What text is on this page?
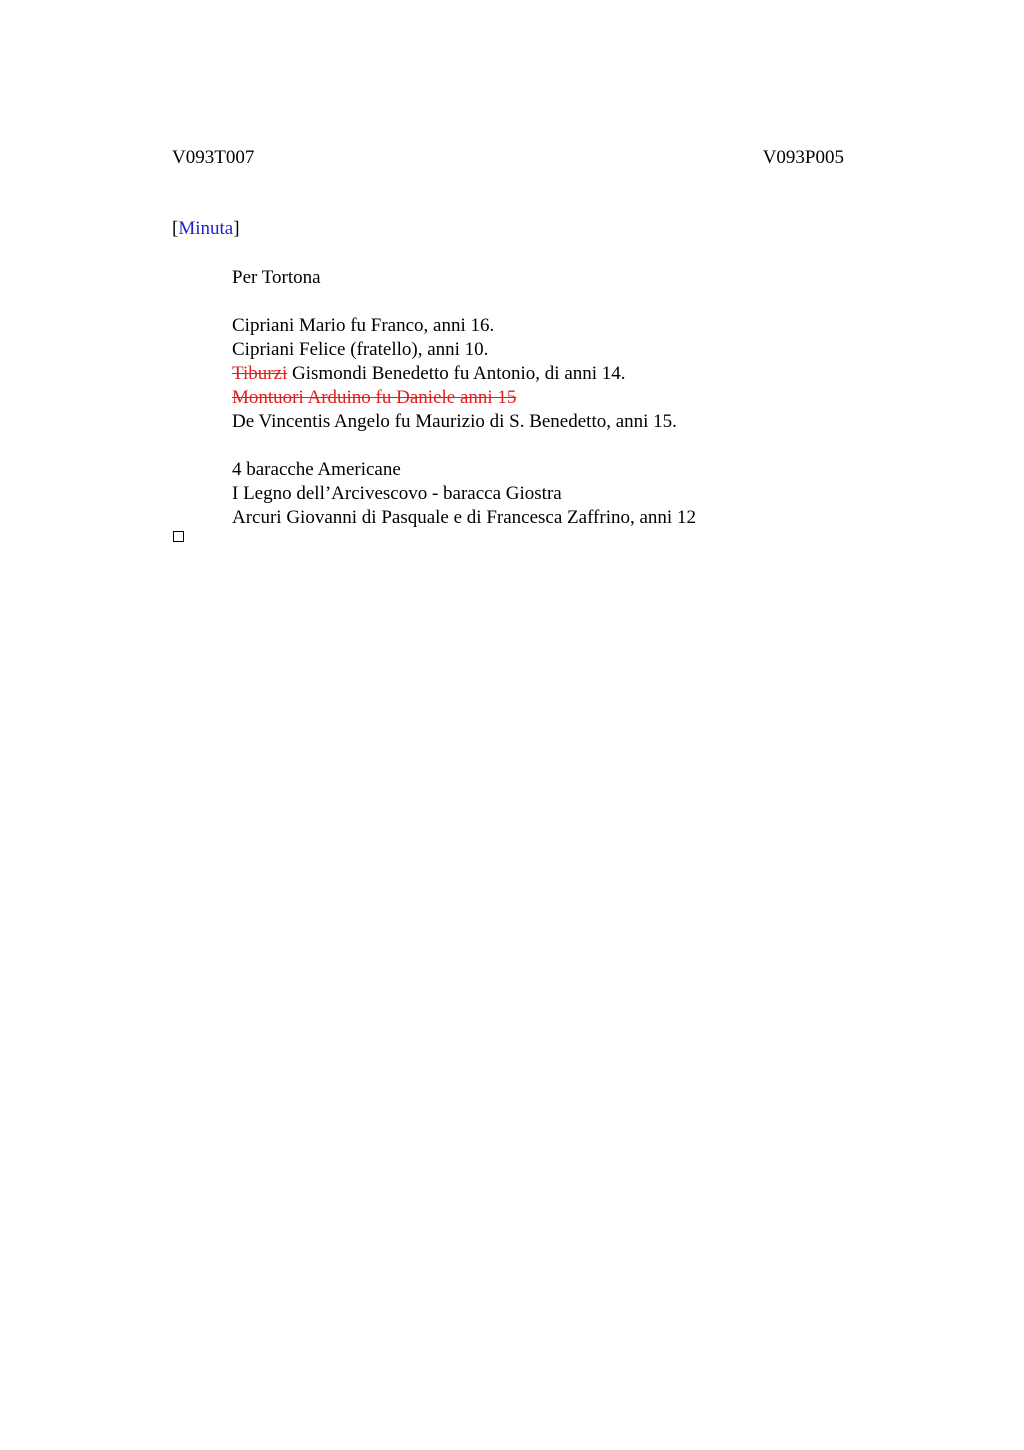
V093T007	V093P005
[Minuta]
Per Tortona
Cipriani Mario fu Franco, anni 16.
Cipriani Felice (fratello), anni 10.
Tiburzi Gismondi Benedetto fu Antonio, di anni 14.
Montuori Arduino fu Daniele anni 15
De Vincentis Angelo fu Maurizio di S. Benedetto, anni 15.
4 baracche Americane
I Legno dell’Arcivescovo - baracca Giostra
Arcuri Giovanni di Pasquale e di Francesca Zaffrino, anni 12
